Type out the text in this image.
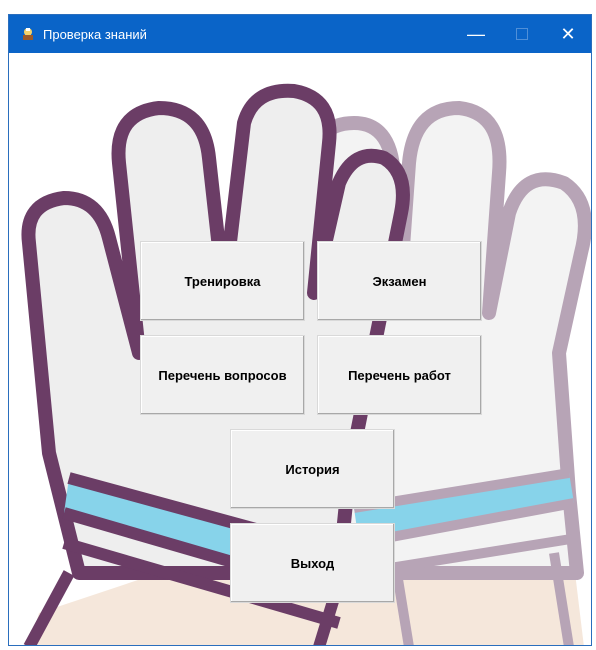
Проверка знаний	—	✕
Тренировка	Экзамен
Перечень вопросов	Перечень работ
История
Выход
